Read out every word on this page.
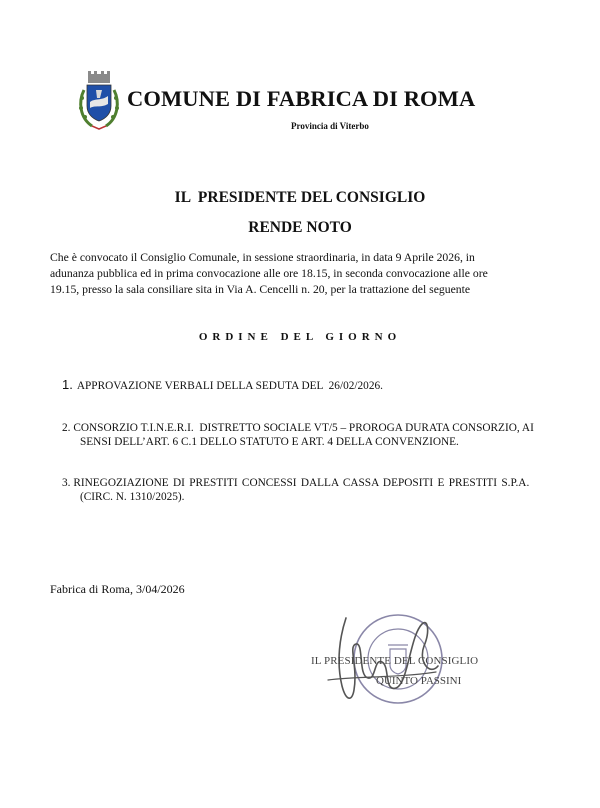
COMUNE DI FABRICA DI ROMA
Provincia di Viterbo
IL  PRESIDENTE DEL CONSIGLIO
RENDE NOTO
Che è convocato il Consiglio Comunale, in sessione straordinaria, in data 9 Aprile 2026, in
adunanza pubblica ed in prima convocazione alle ore 18.15, in seconda convocazione alle ore
19.15, presso la sala consiliare sita in Via A. Cencelli n. 20, per la trattazione del seguente
ORDINE DEL GIORNO
1. APPROVAZIONE VERBALI DELLA SEDUTA DEL  26/02/2026.
2. CONSORZIO T.I.N.E.R.I.  DISTRETTO SOCIALE VT/5 – PROROGA DURATA CONSORZIO, AI
SENSI DELL’ART. 6 C.1 DELLO STATUTO E ART. 4 DELLA CONVENZIONE.
3. RINEGOZIAZIONE DI PRESTITI CONCESSI DALLA CASSA DEPOSITI E PRESTITI S.P.A.
(CIRC. N. 1310/2025).
Fabrica di Roma, 3/04/2026
IL PRESIDENTE DEL CONSIGLIO
QUINTO PASSINI
